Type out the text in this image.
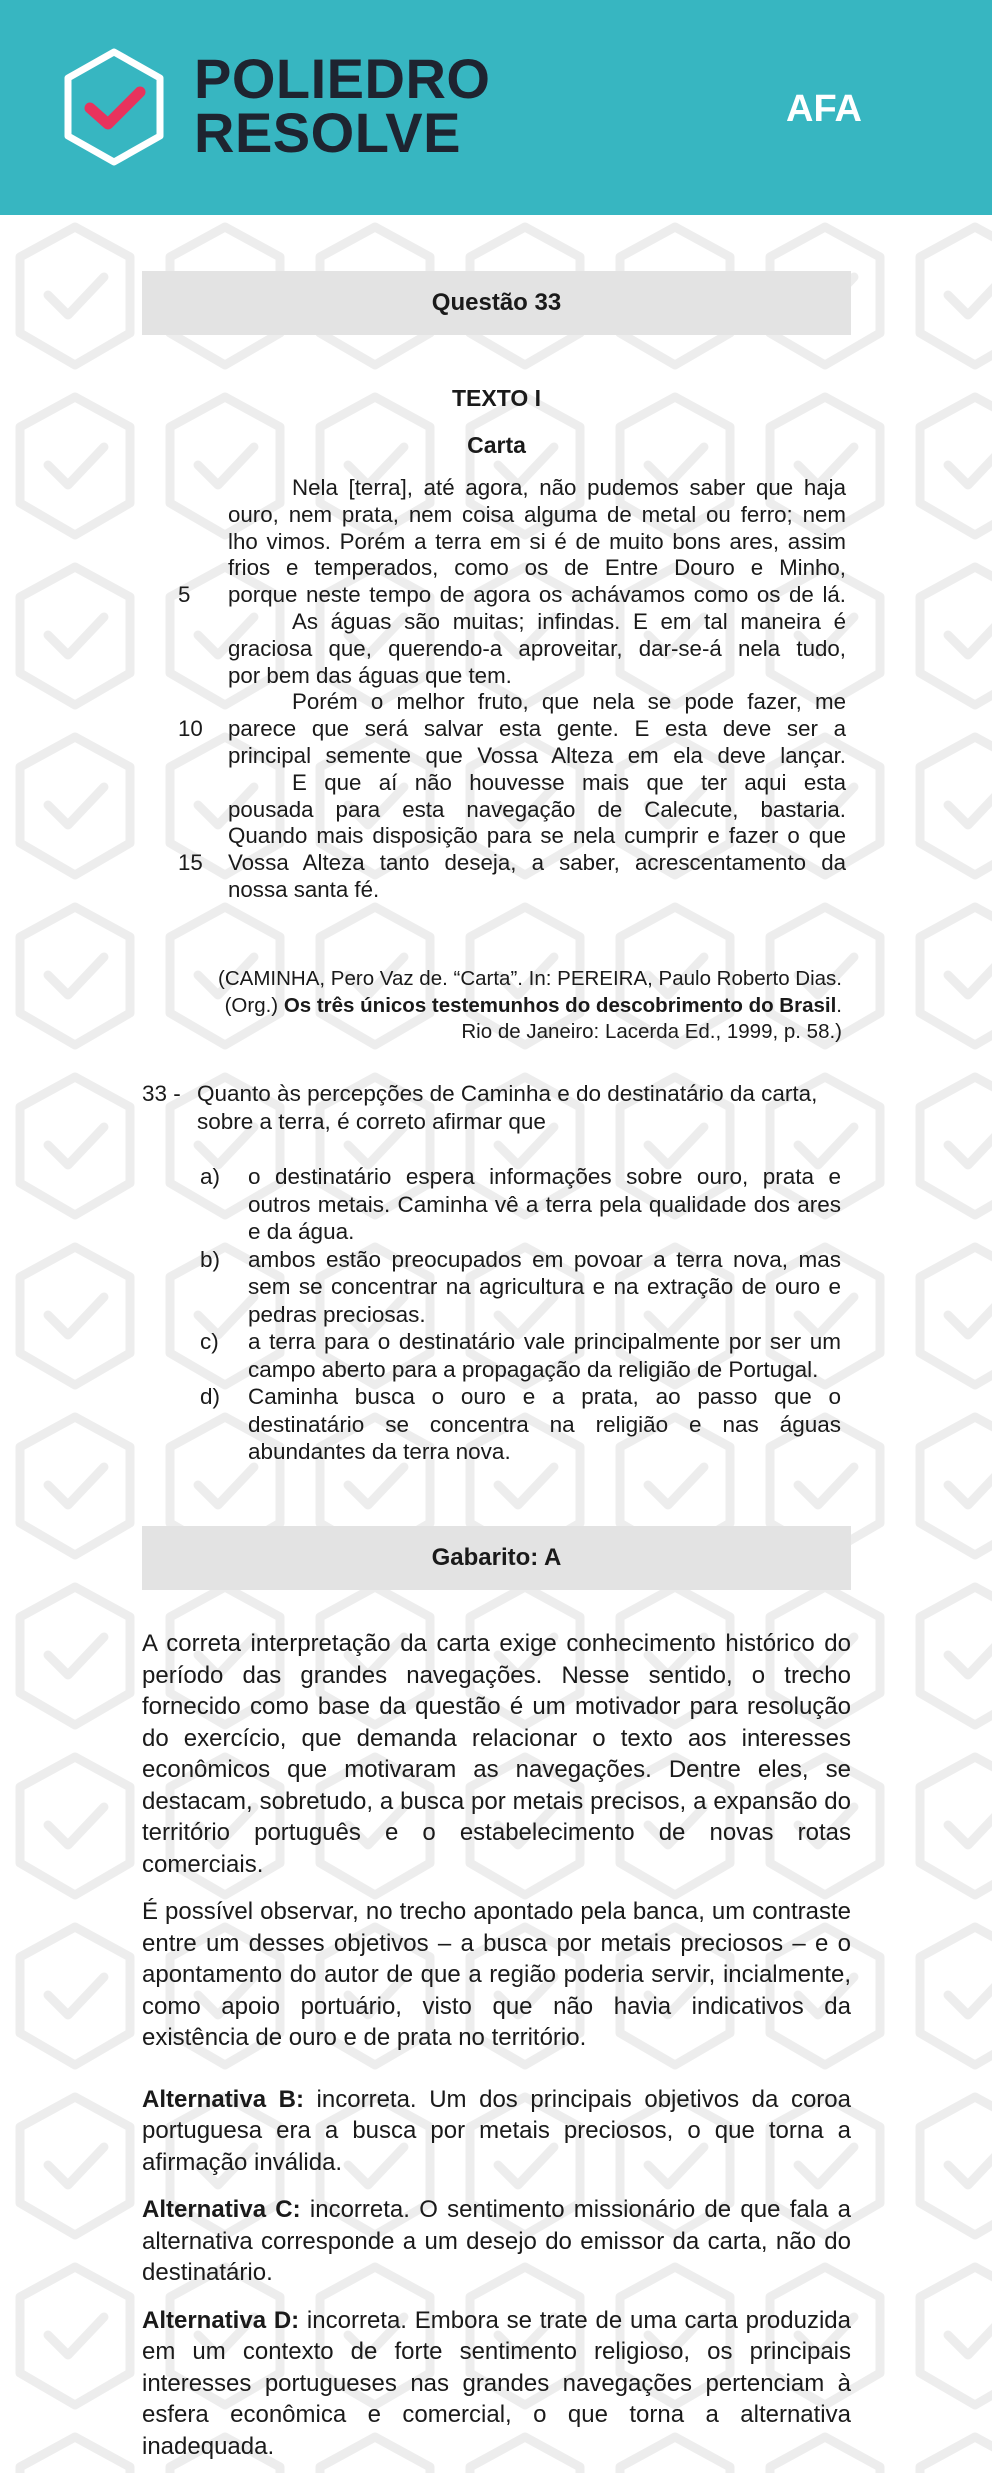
POLIEDRO
RESOLVE	AFA
Questão 33
TEXTO I
Carta
Nela [terra], até agora, não pudemos saber que haja
ouro, nem prata, nem coisa alguma de metal ou ferro; nem
lho vimos. Porém a terra em si é de muito bons ares, assim
frios e temperados, como os de Entre Douro e Minho,
5 porque neste tempo de agora os achávamos como os de lá.
As águas são muitas; infindas. E em tal maneira é
graciosa que, querendo-a aproveitar, dar-se-á nela tudo,
por bem das águas que tem.
Porém o melhor fruto, que nela se pode fazer, me
10 parece que será salvar esta gente. E esta deve ser a
principal semente que Vossa Alteza em ela deve lançar.
E que aí não houvesse mais que ter aqui esta
pousada para esta navegação de Calecute, bastaria.
Quando mais disposição para se nela cumprir e fazer o que
15 Vossa Alteza tanto deseja, a saber, acrescentamento da
nossa santa fé.
(CAMINHA, Pero Vaz de. “Carta”. In: PEREIRA, Paulo Roberto Dias.
(Org.) Os três únicos testemunhos do descobrimento do Brasil.
Rio de Janeiro: Lacerda Ed., 1999, p. 58.)
33 - Quanto às percepções de Caminha e do destinatário da carta, sobre a terra, é correto afirmar que
a) o destinatário espera informações sobre ouro, prata e outros metais. Caminha vê a terra pela qualidade dos ares e da água.
b) ambos estão preocupados em povoar a terra nova, mas sem se concentrar na agricultura e na extração de ouro e pedras preciosas.
c) a terra para o destinatário vale principalmente por ser um campo aberto para a propagação da religião de Portugal.
d) Caminha busca o ouro e a prata, ao passo que o destinatário se concentra na religião e nas águas abundantes da terra nova.
Gabarito: A

A correta interpretação da carta exige conhecimento histórico do período das grandes navegações. Nesse sentido, o trecho fornecido como base da questão é um motivador para resolução do exercício, que demanda relacionar o texto aos interesses econômicos que motivaram as navegações. Dentre eles, se destacam, sobretudo, a busca por metais precisos, a expansão do território português e o estabelecimento de novas rotas comerciais.

É possível observar, no trecho apontado pela banca, um contraste entre um desses objetivos – a busca por metais preciosos – e o apontamento do autor de que a região poderia servir, incialmente, como apoio portuário, visto que não havia indicativos da existência de ouro e de prata no território.

Alternativa B: incorreta. Um dos principais objetivos da coroa portuguesa era a busca por metais preciosos, o que torna a afirmação inválida.

Alternativa C: incorreta. O sentimento missionário de que fala a alternativa corresponde a um desejo do emissor da carta, não do destinatário.

Alternativa D: incorreta. Embora se trate de uma carta produzida em um contexto de forte sentimento religioso, os principais interesses portugueses nas grandes navegações pertenciam à esfera econômica e comercial, o que torna a alternativa inadequada.
